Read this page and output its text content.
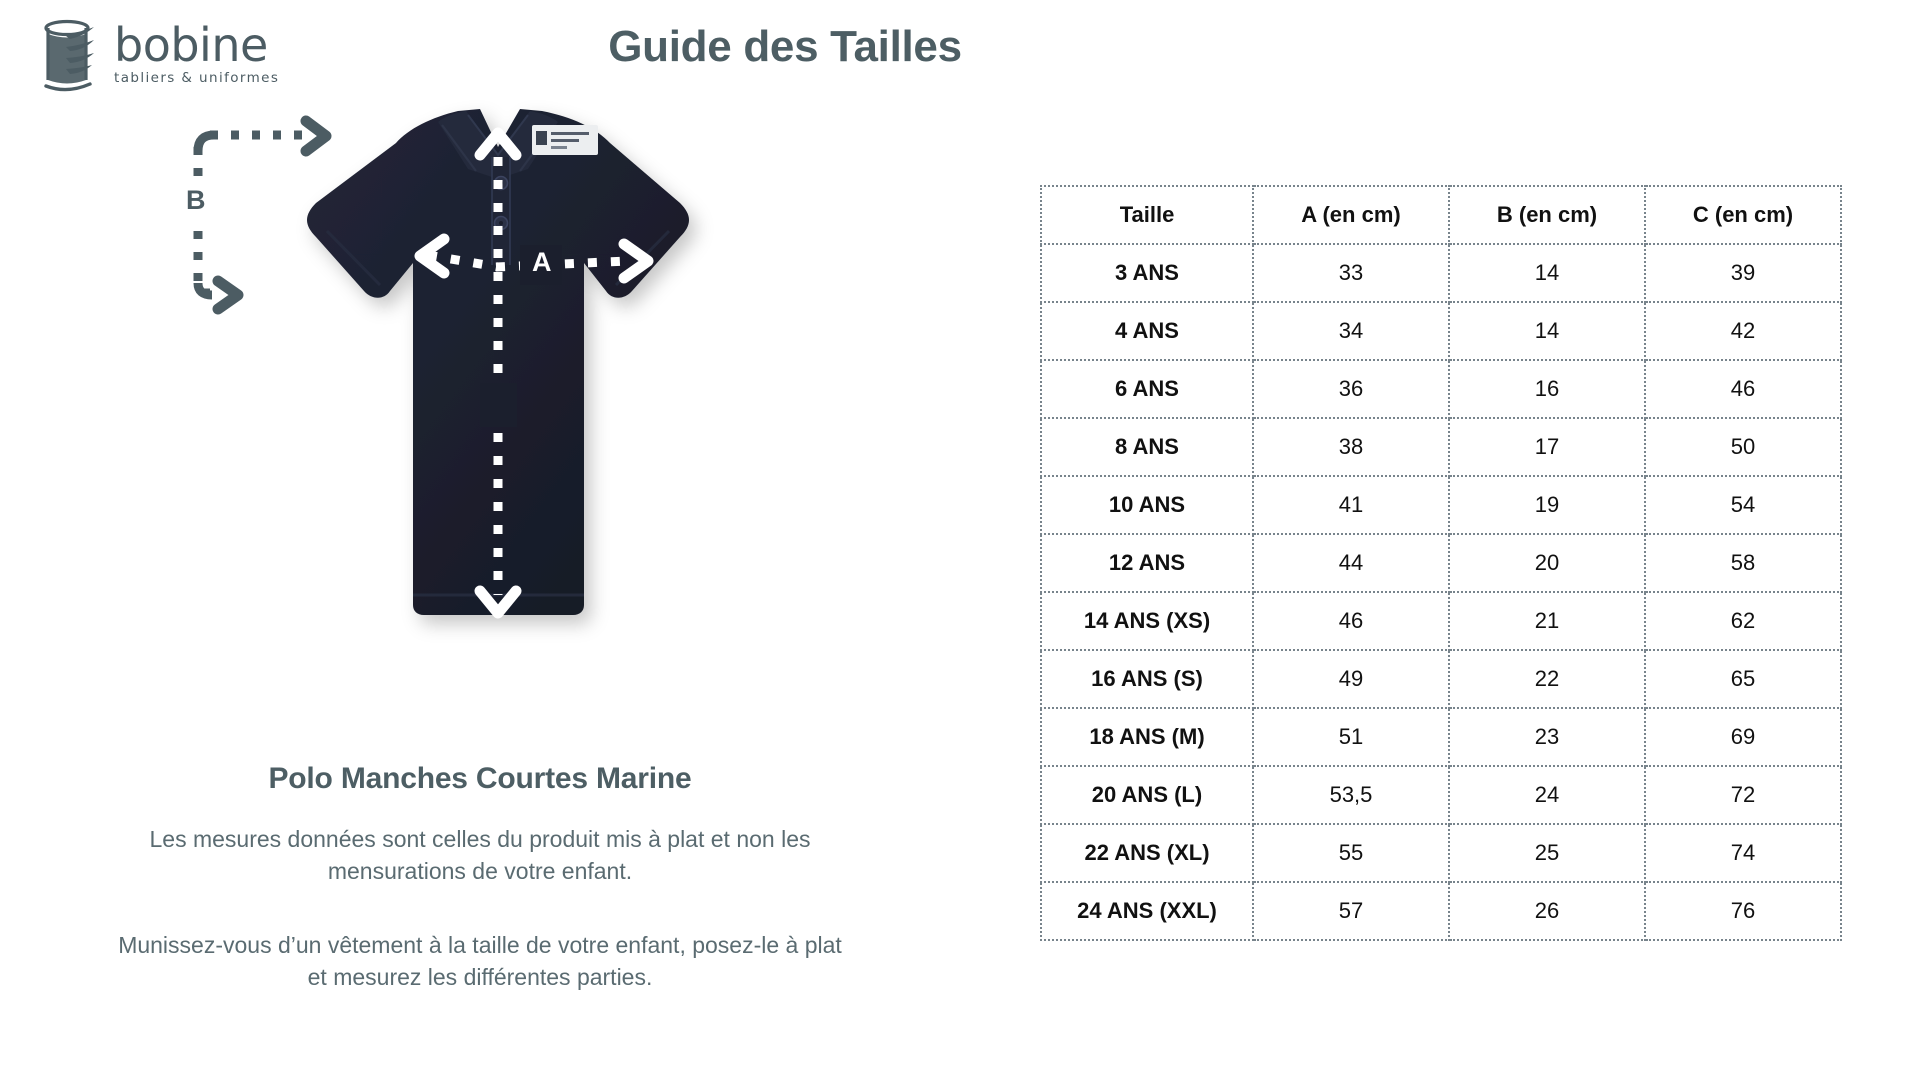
bobine
tabliers & uniformes
Guide des Tailles
A
B
C
Polo Manches Courtes Marine
Les mesures données sont celles du produit mis à plat et non les mensurations de votre enfant.
Munissez-vous d’un vêtement à la taille de votre enfant, posez-le à plat et mesurez les différentes parties.
Taille	A (en cm)	B (en cm)	C (en cm)
3 ANS	33	14	39
4 ANS	34	14	42
6 ANS	36	16	46
8 ANS	38	17	50
10 ANS	41	19	54
12 ANS	44	20	58
14 ANS (XS)	46	21	62
16 ANS (S)	49	22	65
18 ANS (M)	51	23	69
20 ANS (L)	53,5	24	72
22 ANS (XL)	55	25	74
24 ANS (XXL)	57	26	76
